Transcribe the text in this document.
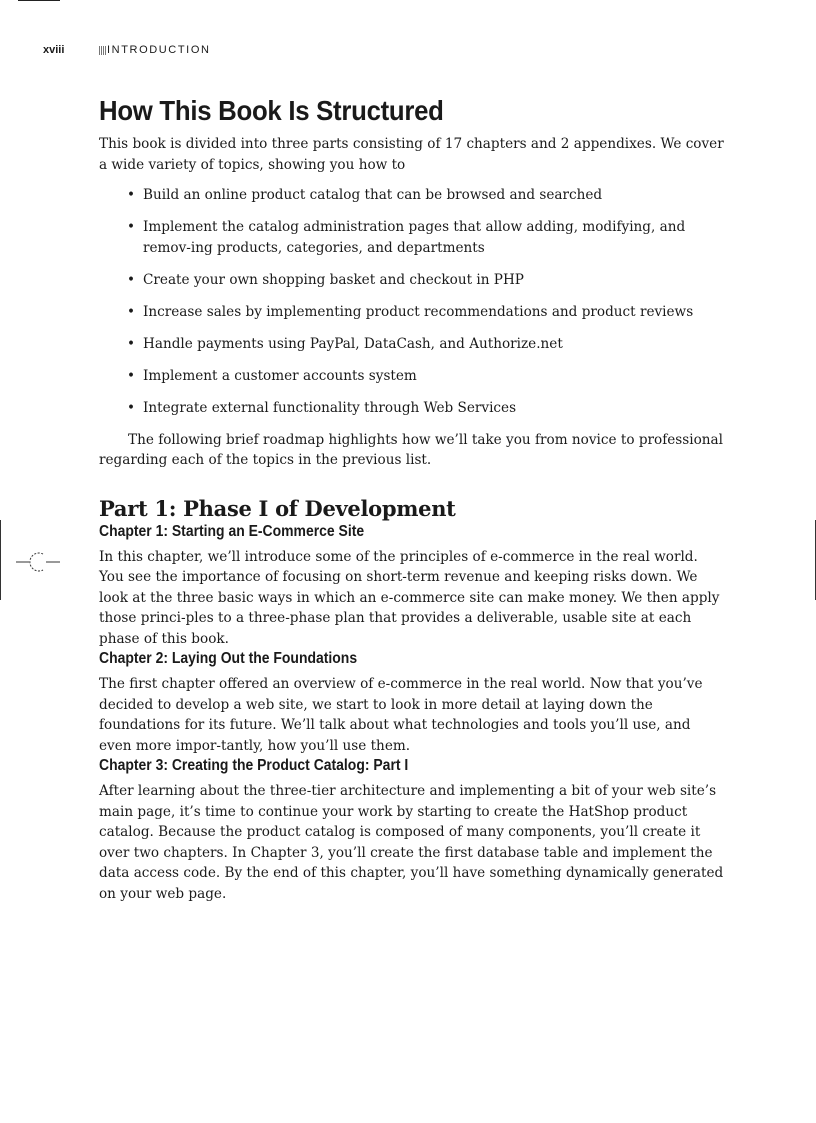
xviii	INTRODUCTION
How This Book Is Structured

This book is divided into three parts consisting of 17 chapters and 2 appendixes. We cover a wide variety of topics, showing you how to

• Build an online product catalog that can be browsed and searched
• Implement the catalog administration pages that allow adding, modifying, and remov-ing products, categories, and departments
• Create your own shopping basket and checkout in PHP
• Increase sales by implementing product recommendations and product reviews
• Handle payments using PayPal, DataCash, and Authorize.net
• Implement a customer accounts system
• Integrate external functionality through Web Services

The following brief roadmap highlights how we’ll take you from novice to professional regarding each of the topics in the previous list.

Part 1: Phase I of Development
Chapter 1: Starting an E-Commerce Site

In this chapter, we’ll introduce some of the principles of e-commerce in the real world. You see the importance of focusing on short-term revenue and keeping risks down. We look at the three basic ways in which an e-commerce site can make money. We then apply those princi-ples to a three-phase plan that provides a deliverable, usable site at each phase of this book.

Chapter 2: Laying Out the Foundations

The first chapter offered an overview of e-commerce in the real world. Now that you’ve decided to develop a web site, we start to look in more detail at laying down the foundations for its future. We’ll talk about what technologies and tools you’ll use, and even more impor-tantly, how you’ll use them.

Chapter 3: Creating the Product Catalog: Part I

After learning about the three-tier architecture and implementing a bit of your web site’s main page, it’s time to continue your work by starting to create the HatShop product catalog. Because the product catalog is composed of many components, you’ll create it over two chapters. In Chapter 3, you’ll create the first database table and implement the data access code. By the end of this chapter, you’ll have something dynamically generated on your web page.
